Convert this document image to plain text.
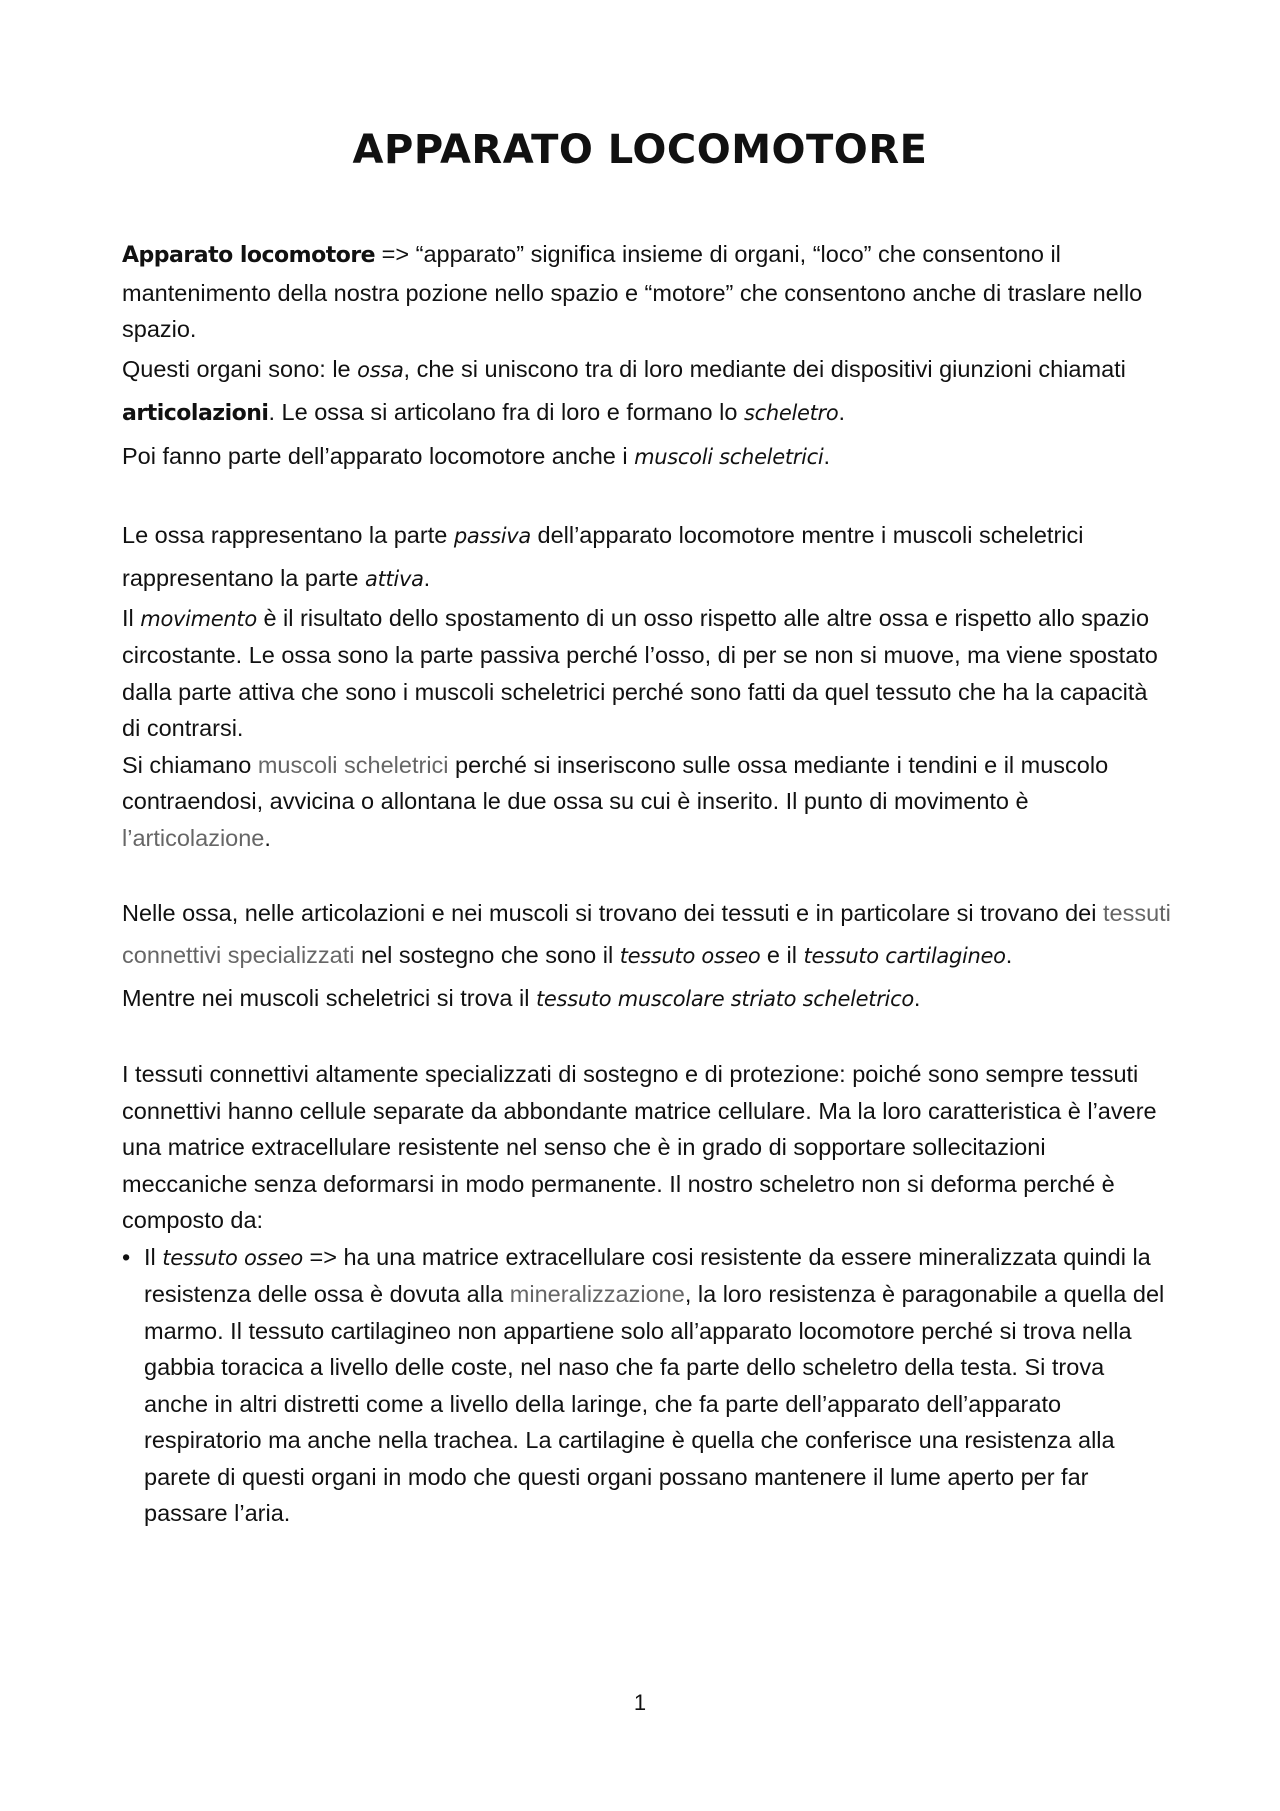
APPARATO LOCOMOTORE

Apparato locomotore => “apparato” significa insieme di organi, “loco” che consentono il mantenimento della nostra pozione nello spazio e “motore” che consentono anche di traslare nello spazio.

Questi organi sono: le ossa, che si uniscono tra di loro mediante dei dispositivi giunzioni chiamati articolazioni. Le ossa si articolano fra di loro e formano lo scheletro.

Poi fanno parte dell’apparato locomotore anche i muscoli scheletrici.

Le ossa rappresentano la parte passiva dell’apparato locomotore mentre i muscoli scheletrici rappresentano la parte attiva.

Il movimento è il risultato dello spostamento di un osso rispetto alle altre ossa e rispetto allo spazio circostante. Le ossa sono la parte passiva perché l’osso, di per se non si muove, ma viene spostato dalla parte attiva che sono i muscoli scheletrici perché sono fatti da quel tessuto che ha la capacità di contrarsi.

Si chiamano muscoli scheletrici perché si inseriscono sulle ossa mediante i tendini e il muscolo contraendosi, avvicina o allontana le due ossa su cui è inserito. Il punto di movimento è l’articolazione.

Nelle ossa, nelle articolazioni e nei muscoli si trovano dei tessuti e in particolare si trovano dei tessuti connettivi specializzati nel sostegno che sono il tessuto osseo e il tessuto cartilagineo.

Mentre nei muscoli scheletrici si trova il tessuto muscolare striato scheletrico.

I tessuti connettivi altamente specializzati di sostegno e di protezione: poiché sono sempre tessuti connettivi hanno cellule separate da abbondante matrice cellulare. Ma la loro caratteristica è l’avere una matrice extracellulare resistente nel senso che è in grado di sopportare sollecitazioni meccaniche senza deformarsi in modo permanente. Il nostro scheletro non si deforma perché è composto da:

• Il tessuto osseo => ha una matrice extracellulare cosi resistente da essere mineralizzata quindi la resistenza delle ossa è dovuta alla mineralizzazione, la loro resistenza è paragonabile a quella del marmo. Il tessuto cartilagineo non appartiene solo all’apparato locomotore perché si trova nella gabbia toracica a livello delle coste, nel naso che fa parte dello scheletro della testa. Si trova anche in altri distretti come a livello della laringe, che fa parte dell’apparato dell’apparato respiratorio ma anche nella trachea. La cartilagine è quella che conferisce una resistenza alla parete di questi organi in modo che questi organi possano mantenere il lume aperto per far passare l’aria.
1
